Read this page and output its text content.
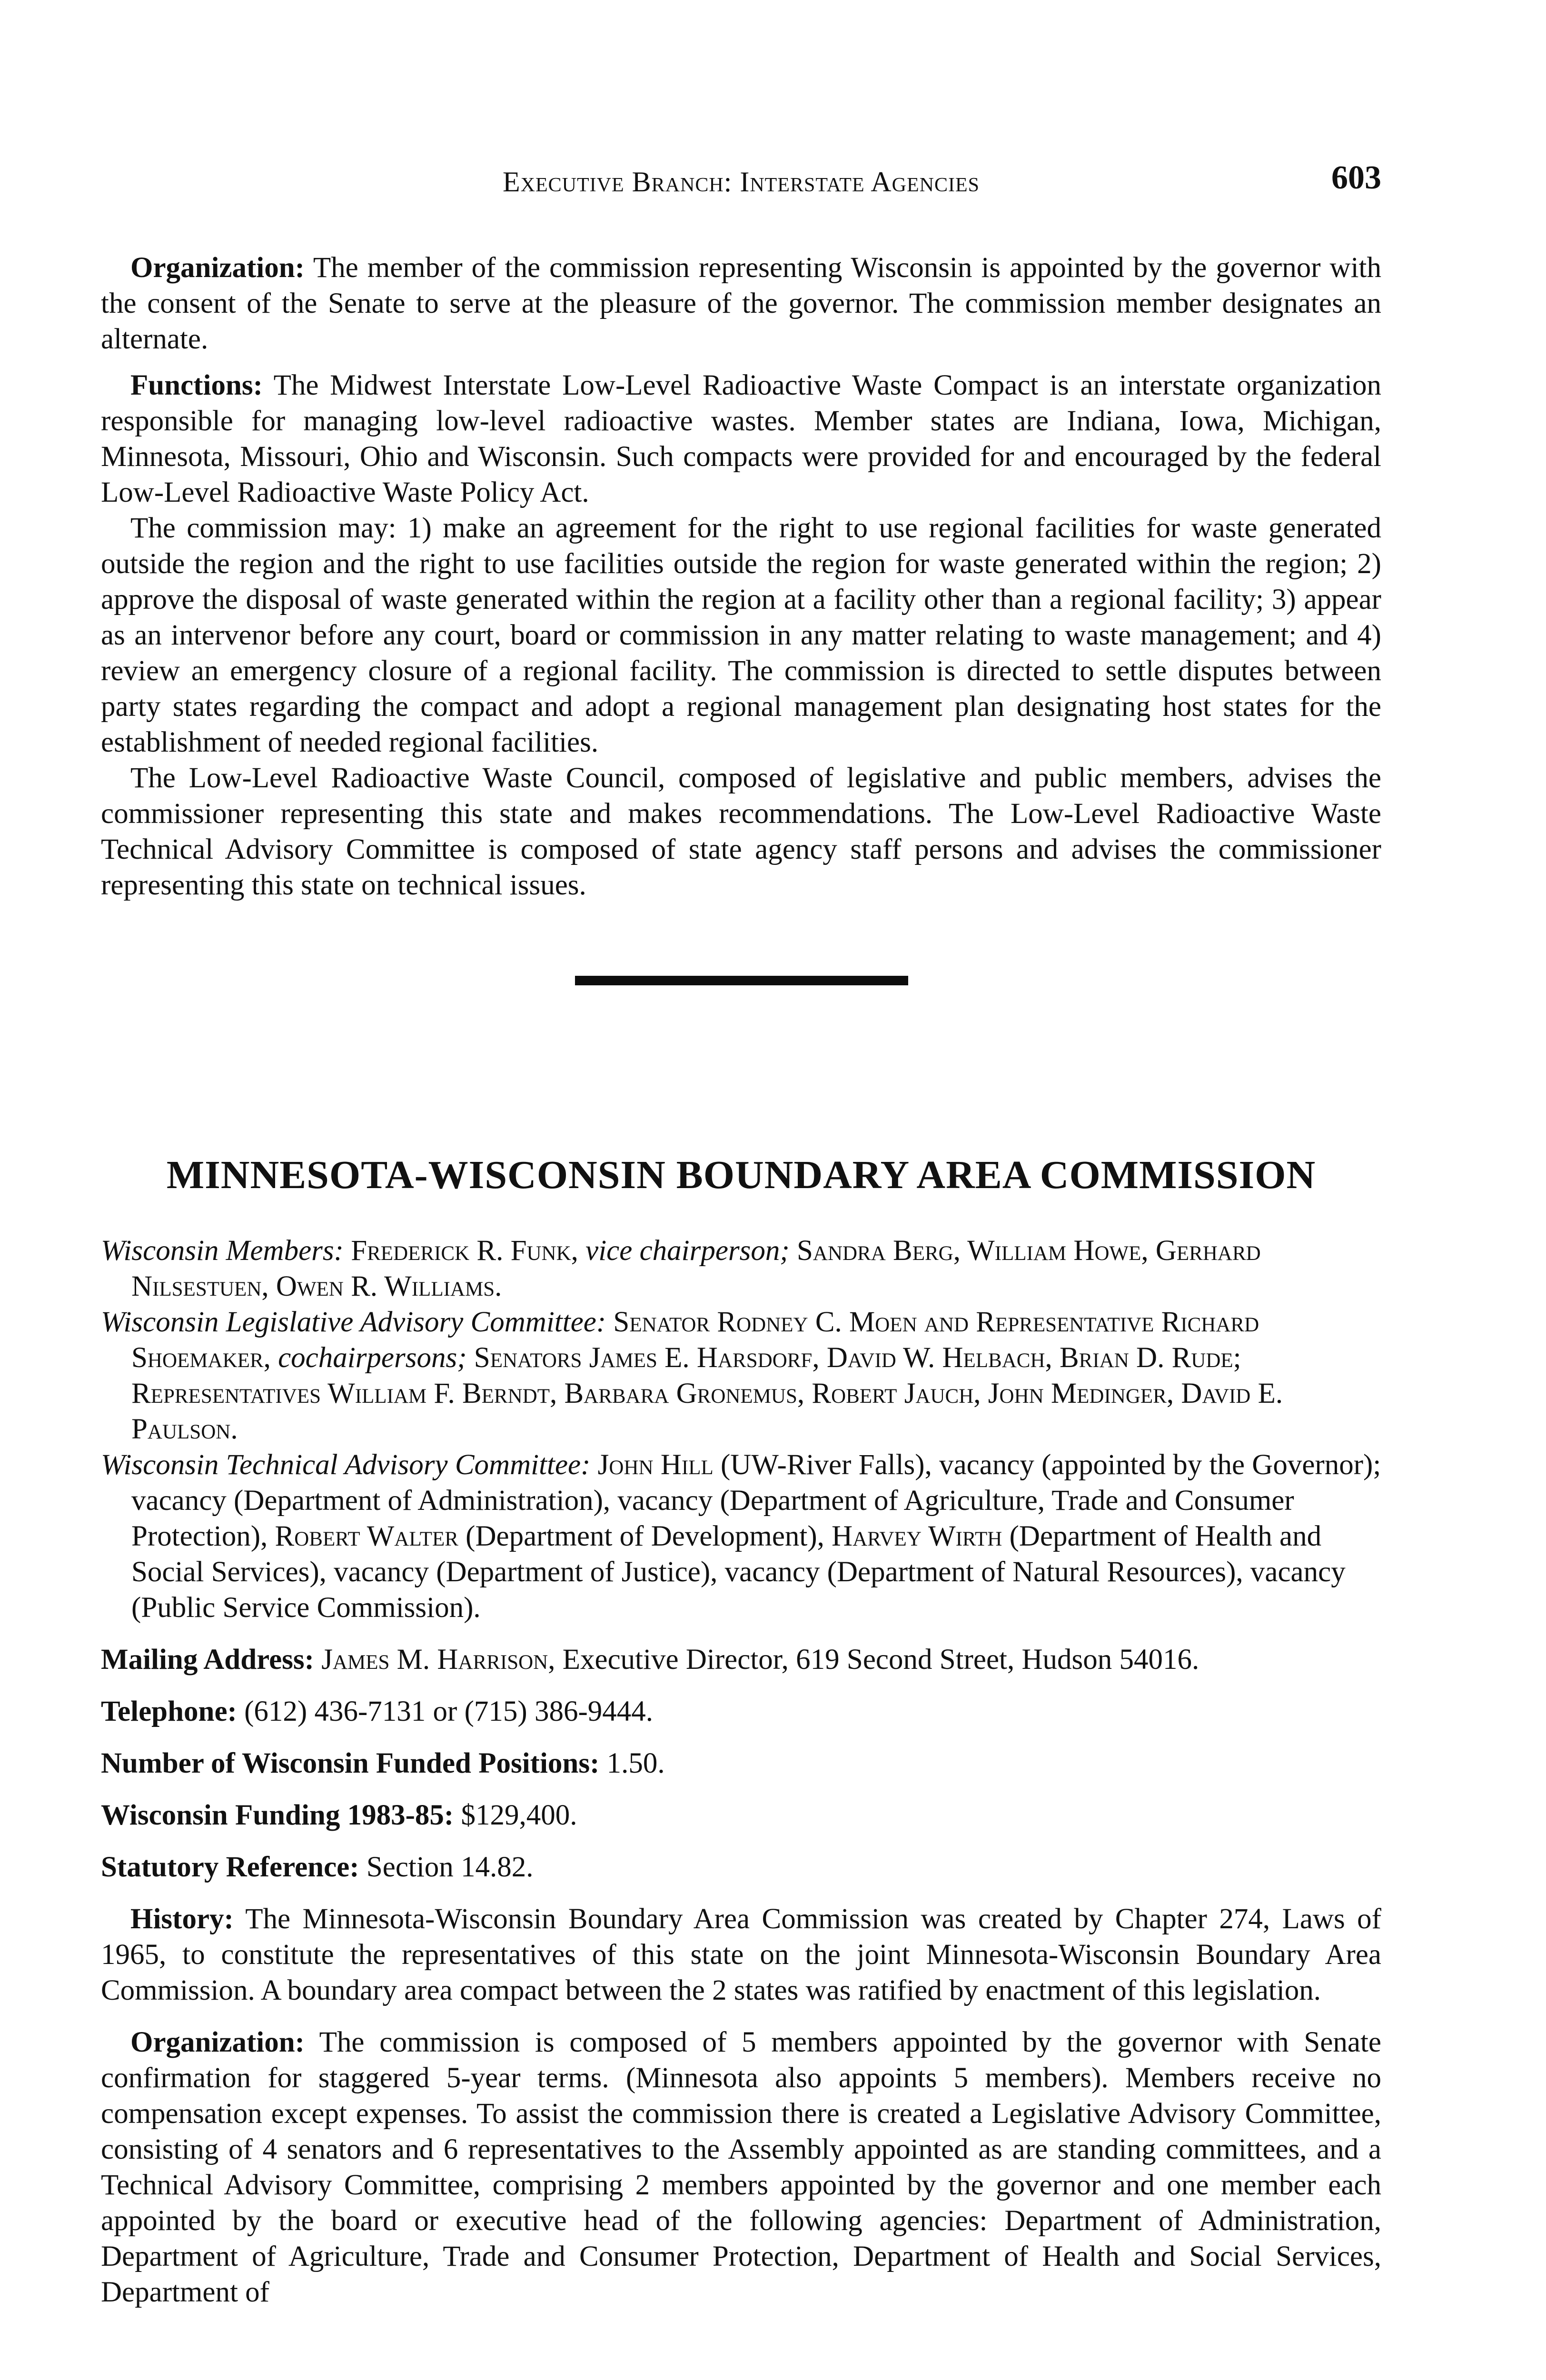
Executive Branch: Interstate Agencies	603

Organization: The member of the commission representing Wisconsin is appointed by the governor with the consent of the Senate to serve at the pleasure of the governor. The commission member designates an alternate.

Functions: The Midwest Interstate Low-Level Radioactive Waste Compact is an interstate organization responsible for managing low-level radioactive wastes. Member states are Indiana, Iowa, Michigan, Minnesota, Missouri, Ohio and Wisconsin. Such compacts were provided for and encouraged by the federal Low-Level Radioactive Waste Policy Act.

The commission may: 1) make an agreement for the right to use regional facilities for waste generated outside the region and the right to use facilities outside the region for waste generated within the region; 2) approve the disposal of waste generated within the region at a facility other than a regional facility; 3) appear as an intervenor before any court, board or commission in any matter relating to waste management; and 4) review an emergency closure of a regional facility. The commission is directed to settle disputes between party states regarding the compact and adopt a regional management plan designating host states for the establishment of needed regional facilities.

The Low-Level Radioactive Waste Council, composed of legislative and public members, advises the commissioner representing this state and makes recommendations. The Low-Level Radioactive Waste Technical Advisory Committee is composed of state agency staff persons and advises the commissioner representing this state on technical issues.

MINNESOTA-WISCONSIN BOUNDARY AREA COMMISSION

Wisconsin Members: Frederick R. Funk, vice chairperson; Sandra Berg, William Howe, Gerhard Nilsestuen, Owen R. Williams.

Wisconsin Legislative Advisory Committee: Senator Rodney C. Moen and Representative Richard Shoemaker, cochairpersons; Senators James E. Harsdorf, David W. Helbach, Brian D. Rude; Representatives William F. Berndt, Barbara Gronemus, Robert Jauch, John Medinger, David E. Paulson.

Wisconsin Technical Advisory Committee: John Hill (UW-River Falls), vacancy (appointed by the Governor); vacancy (Department of Administration), vacancy (Department of Agriculture, Trade and Consumer Protection), Robert Walter (Department of Development), Harvey Wirth (Department of Health and Social Services), vacancy (Department of Justice), vacancy (Department of Natural Resources), vacancy (Public Service Commission).

Mailing Address: James M. Harrison, Executive Director, 619 Second Street, Hudson 54016.

Telephone: (612) 436-7131 or (715) 386-9444.

Number of Wisconsin Funded Positions: 1.50.

Wisconsin Funding 1983-85: $129,400.

Statutory Reference: Section 14.82.

History: The Minnesota-Wisconsin Boundary Area Commission was created by Chapter 274, Laws of 1965, to constitute the representatives of this state on the joint Minnesota-Wisconsin Boundary Area Commission. A boundary area compact between the 2 states was ratified by enactment of this legislation.

Organization: The commission is composed of 5 members appointed by the governor with Senate confirmation for staggered 5-year terms. (Minnesota also appoints 5 members). Members receive no compensation except expenses. To assist the commission there is created a Legislative Advisory Committee, consisting of 4 senators and 6 representatives to the Assembly appointed as are standing committees, and a Technical Advisory Committee, comprising 2 members appointed by the governor and one member each appointed by the board or executive head of the following agencies: Department of Administration, Department of Agriculture, Trade and Consumer Protection, Department of Health and Social Services, Department of
